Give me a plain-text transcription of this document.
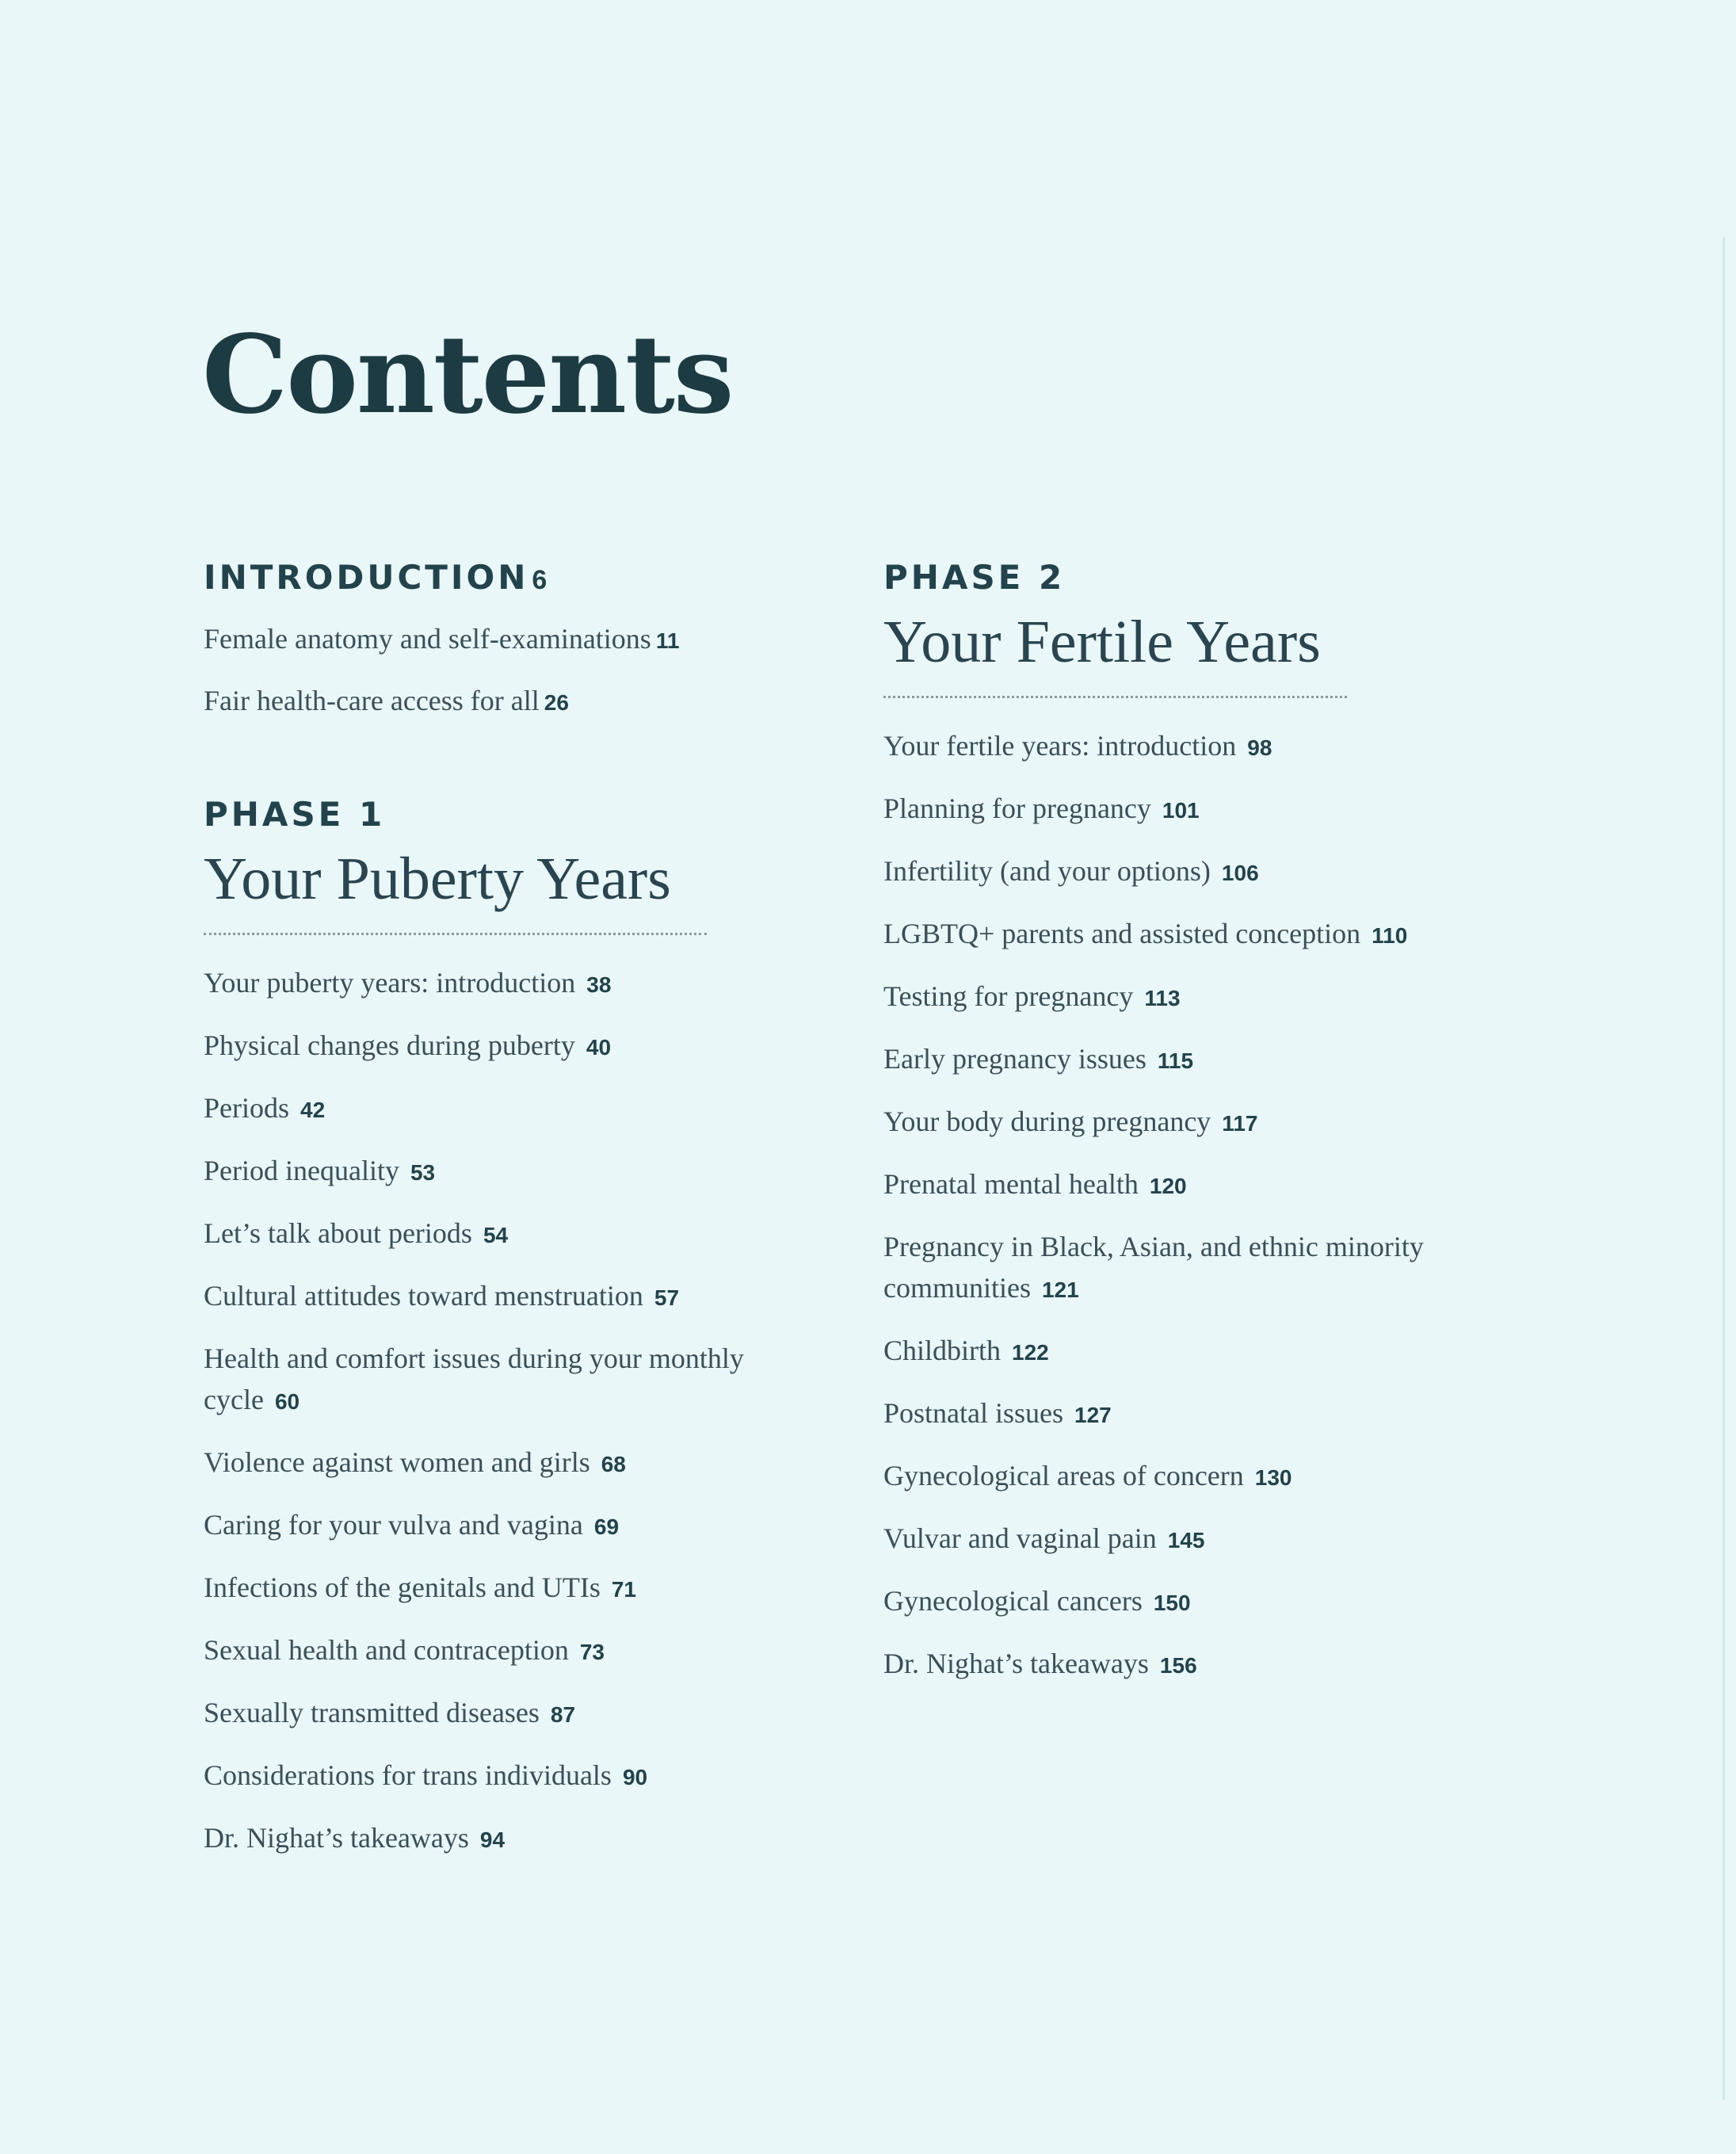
Contents
INTRODUCTION 6
Female anatomy and self-examinations 11
Fair health-care access for all 26
PHASE 1
Your Puberty Years
Your puberty years: introduction 38
Physical changes during puberty 40
Periods 42
Period inequality 53
Let’s talk about periods 54
Cultural attitudes toward menstruation 57
Health and comfort issues during your monthly cycle 60
Violence against women and girls 68
Caring for your vulva and vagina 69
Infections of the genitals and UTIs 71
Sexual health and contraception 73
Sexually transmitted diseases 87
Considerations for trans individuals 90
Dr. Nighat’s takeaways 94
PHASE 2
Your Fertile Years
Your fertile years: introduction 98
Planning for pregnancy 101
Infertility (and your options) 106
LGBTQ+ parents and assisted conception 110
Testing for pregnancy 113
Early pregnancy issues 115
Your body during pregnancy 117
Prenatal mental health 120
Pregnancy in Black, Asian, and ethnic minority communities 121
Childbirth 122
Postnatal issues 127
Gynecological areas of concern 130
Vulvar and vaginal pain 145
Gynecological cancers 150
Dr. Nighat’s takeaways 156
